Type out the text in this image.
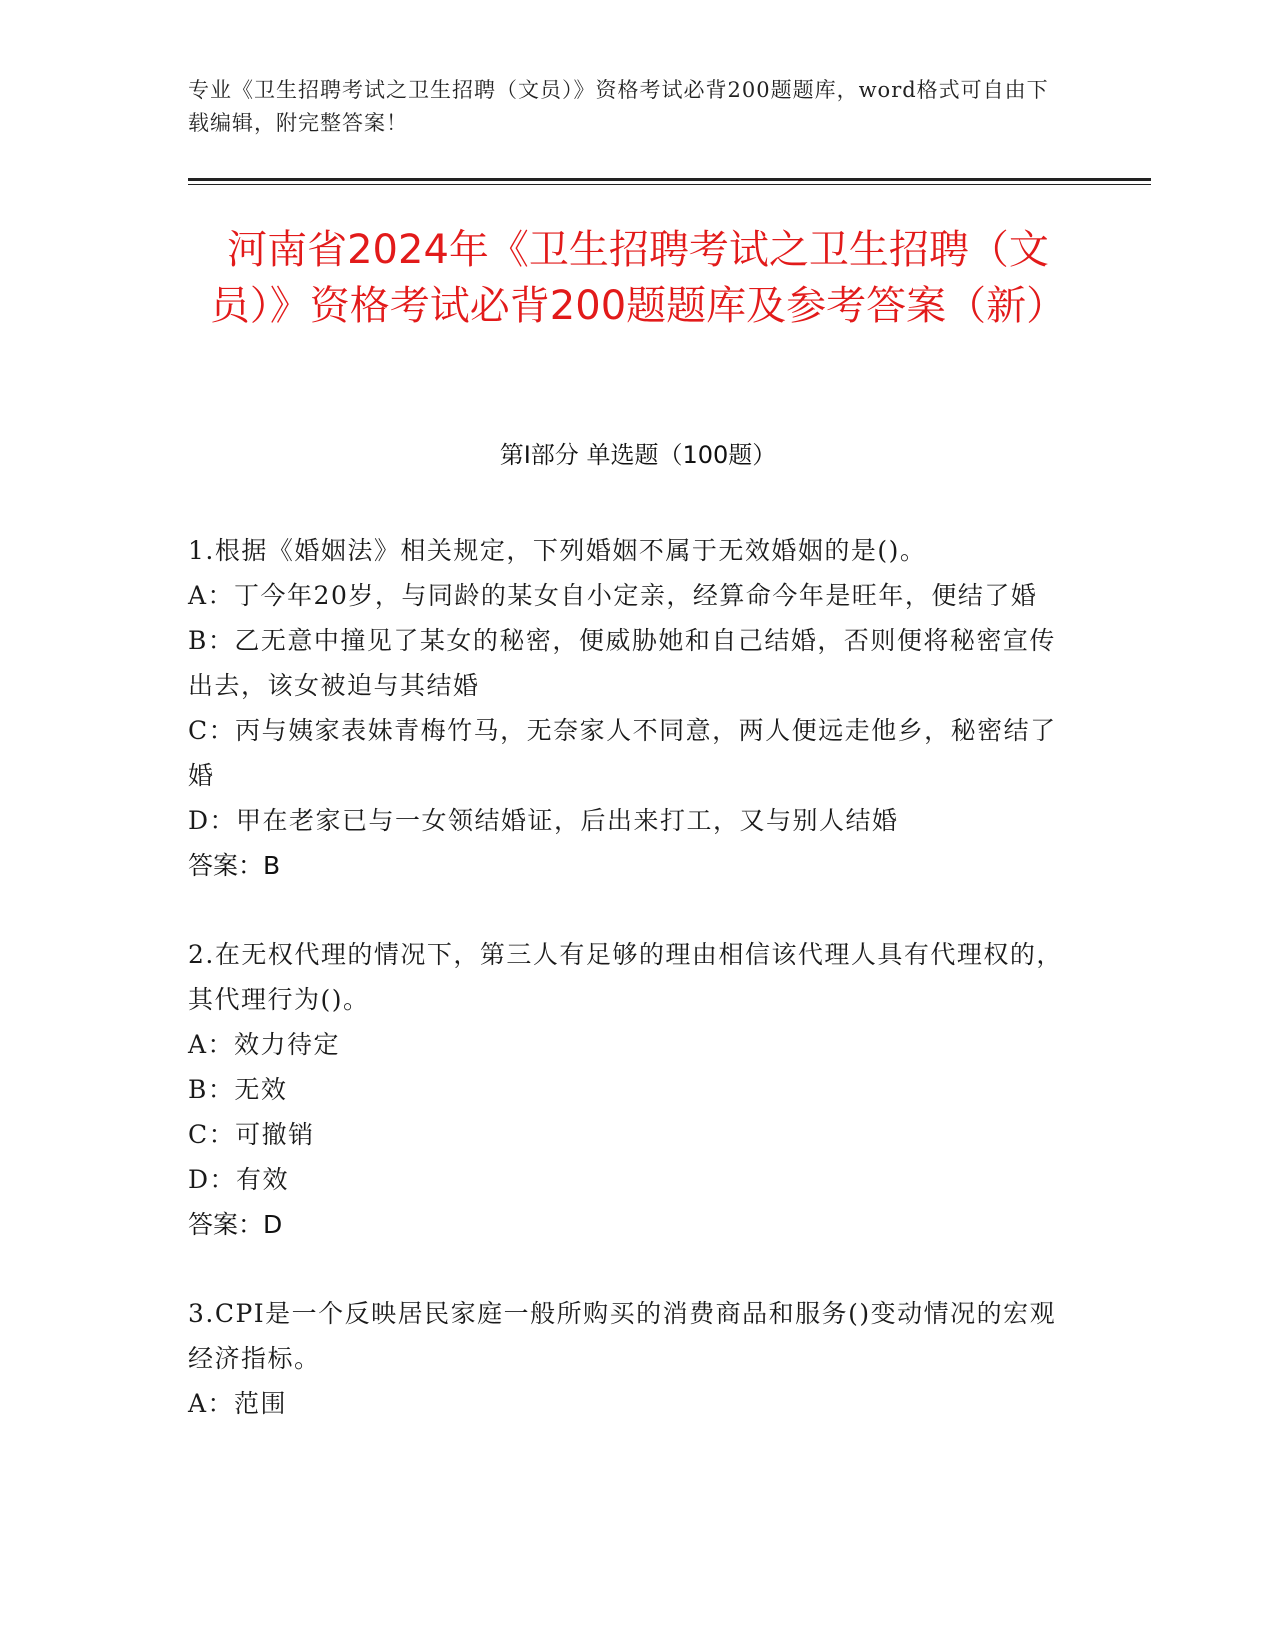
专业《卫生招聘考试之卫生招聘（文员）》资格考试必背200题题库，word格式可自由下载编辑，附完整答案！
河南省2024年《卫生招聘考试之卫生招聘（文员）》资格考试必背200题题库及参考答案（新）
第Ⅰ部分 单选题（100题）
1.根据《婚姻法》相关规定，下列婚姻不属于无效婚姻的是()。
A：丁今年20岁，与同龄的某女自小定亲，经算命今年是旺年，便结了婚
B：乙无意中撞见了某女的秘密，便威胁她和自己结婚，否则便将秘密宣传出去，该女被迫与其结婚
C：丙与姨家表妹青梅竹马，无奈家人不同意，两人便远走他乡，秘密结了婚
D：甲在老家已与一女领结婚证，后出来打工，又与别人结婚
答案：B
2.在无权代理的情况下，第三人有足够的理由相信该代理人具有代理权的，其代理行为()。
A：效力待定
B：无效
C：可撤销
D：有效
答案：D
3.CPI是一个反映居民家庭一般所购买的消费商品和服务()变动情况的宏观经济指标。
A：范围
